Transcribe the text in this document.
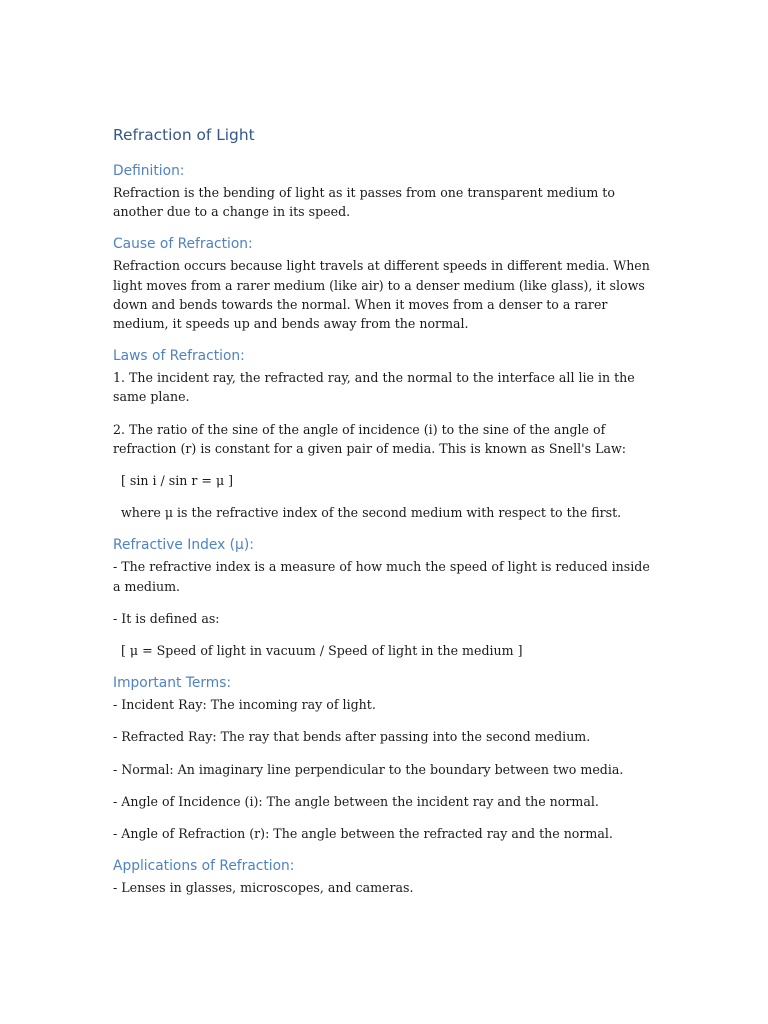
Refraction of Light
Definition:

Refraction is the bending of light as it passes from one transparent medium to another due to a change in its speed.

Cause of Refraction:

Refraction occurs because light travels at different speeds in different media. When light moves from a rarer medium (like air) to a denser medium (like glass), it slows down and bends towards the normal. When it moves from a denser to a rarer medium, it speeds up and bends away from the normal.

Laws of Refraction:

1. The incident ray, the refracted ray, and the normal to the interface all lie in the same plane.

2. The ratio of the sine of the angle of incidence (i) to the sine of the angle of refraction (r) is constant for a given pair of media. This is known as Snell's Law:

[ sin i / sin r = μ ]

where μ is the refractive index of the second medium with respect to the first.

Refractive Index (μ):

- The refractive index is a measure of how much the speed of light is reduced inside a medium.

- It is defined as:

[ μ = Speed of light in vacuum / Speed of light in the medium ]

Important Terms:

- Incident Ray: The incoming ray of light.

- Refracted Ray: The ray that bends after passing into the second medium.

- Normal: An imaginary line perpendicular to the boundary between two media.

- Angle of Incidence (i): The angle between the incident ray and the normal.

- Angle of Refraction (r): The angle between the refracted ray and the normal.

Applications of Refraction:

- Lenses in glasses, microscopes, and cameras.
